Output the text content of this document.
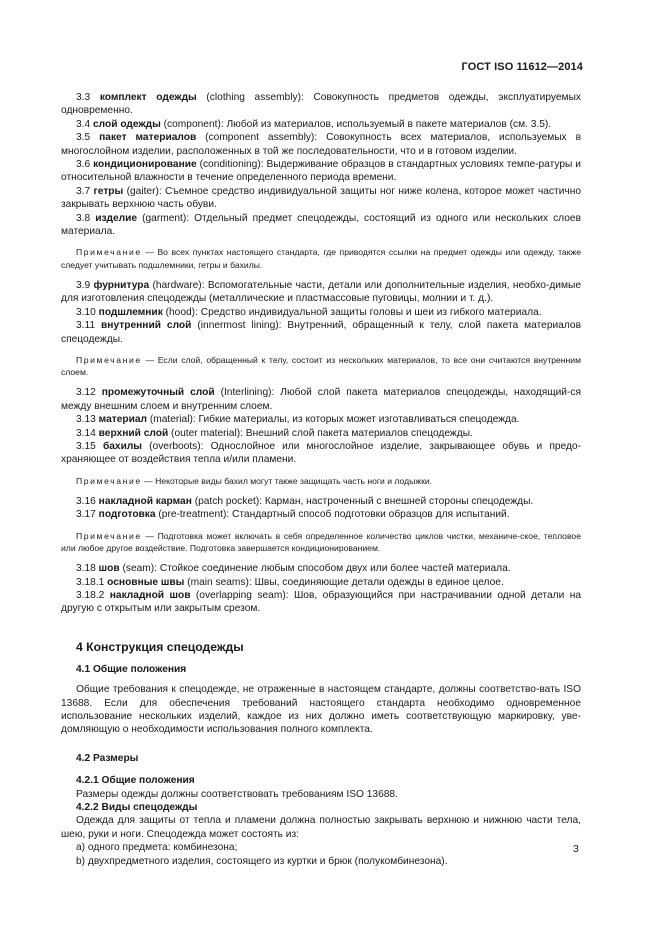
ГОСТ ISO 11612—2014

3.3 комплект одежды (clothing assembly): Совокупность предметов одежды, эксплуатируемых одновременно.

3.4 слой одежды (component): Любой из материалов, используемый в пакете материалов (см. 3.5).

3.5 пакет материалов (component assembly): Совокупность всех материалов, используемых в многослойном изделии, расположенных в той же последовательности, что и в готовом изделии.

3.6 кондиционирование (conditioning): Выдерживание образцов в стандартных условиях темпе-ратуры и относительной влажности в течение определенного периода времени.

3.7 гетры (gaiter): Съемное средство индивидуальной защиты ног ниже колена, которое может частично закрывать верхнюю часть обуви.

3.8 изделие (garment): Отдельный предмет спецодежды, состоящий из одного или нескольких слоев материала.

Примечание — Во всех пунктах настоящего стандарта, где приводятся ссылки на предмет одежды или одежду, также следует учитывать подшлемники, гетры и бахилы.

3.9 фурнитура (hardware): Вспомогательные части, детали или дополнительные изделия, необхо-димые для изготовления спецодежды (металлические и пластмассовые пуговицы, молнии и т. д.).

3.10 подшлемник (hood): Средство индивидуальной защиты головы и шеи из гибкого материала.

3.11 внутренний слой (innermost lining): Внутренний, обращенный к телу, слой пакета материалов спецодежды.

Примечание — Если слой, обращенный к телу, состоит из нескольких материалов, то все они считаются внутренним слоем.

3.12 промежуточный слой (Interlining): Любой слой пакета материалов спецодежды, находящий-ся между внешним слоем и внутренним слоем.

3.13 материал (material): Гибкие материалы, из которых может изготавливаться спецодежда.

3.14 верхний слой (outer material): Внешний слой пакета материалов спецодежды.

3.15 бахилы (overboots): Однослойное или многослойное изделие, закрывающее обувь и предо-храняющее от воздействия тепла и/или пламени.

Примечание — Некоторые виды бахил могут также защищать часть ноги и лодыжки.

3.16 накладной карман (patch pocket): Карман, настроченный с внешней стороны спецодежды.

3.17 подготовка (pre-treatment): Стандартный способ подготовки образцов для испытаний.

Примечание — Подготовка может включать в себя определенное количество циклов чистки, механиче-ское, тепловое или любое другое воздействие. Подготовка завершается кондиционированием.

3.18 шов (seam): Стойкое соединение любым способом двух или более частей материала.

3.18.1 основные швы (main seams): Швы, соединяющие детали одежды в единое целое.

3.18.2 накладной шов (overlapping seam): Шов, образующийся при настрачивании одной детали на другую с открытым или закрытым срезом.

4 Конструкция спецодежды

4.1 Общие положения

Общие требования к спецодежде, не отраженные в настоящем стандарте, должны соответство-вать ISO 13688. Если для обеспечения требований настоящего стандарта необходимо одновременное использование нескольких изделий, каждое из них должно иметь соответствующую маркировку, уве-домляющую о необходимости использования полного комплекта.

4.2 Размеры

4.2.1 Общие положения

Размеры одежды должны соответствовать требованиям ISO 13688.

4.2.2 Виды спецодежды

Одежда для защиты от тепла и пламени должна полностью закрывать верхнюю и нижнюю части тела, шею, руки и ноги. Спецодежда может состоять из:

a) одного предмета: комбинезона;

b) двухпредметного изделия, состоящего из куртки и брюк (полукомбинезона).

3
